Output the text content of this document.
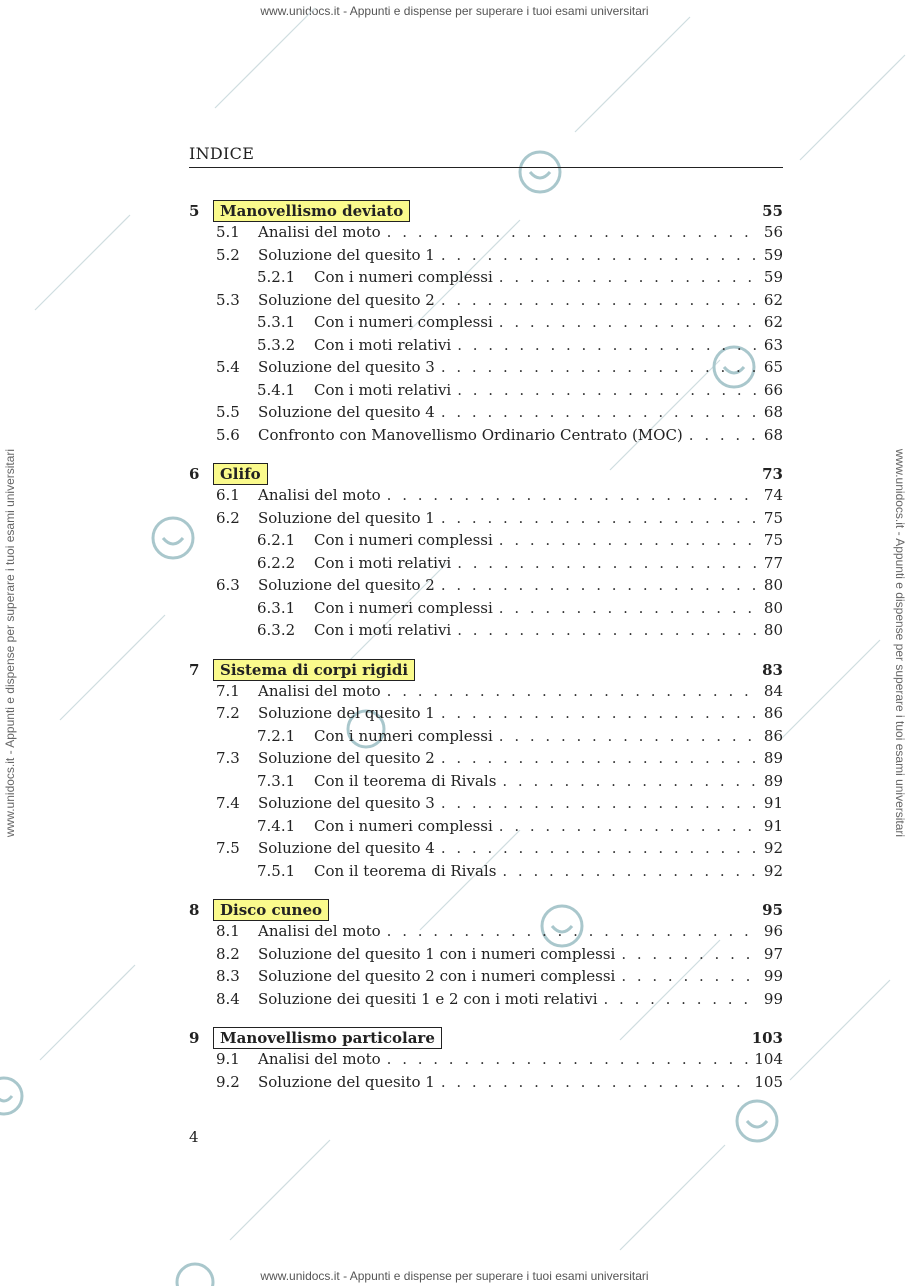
www.unidocs.it - Appunti e dispense per superare i tuoi esami universitari
www.unidocs.it - Appunti e dispense per superare i tuoi esami universitari
www.unidocs.it - Appunti e dispense per superare i tuoi esami universitari	www.unidocs.it - Appunti e dispense per superare i tuoi esami universitari
INDICE
5	Manovellismo deviato	55
5.1	Analisi del moto . . .	56
5.2	Soluzione del quesito 1 . . .	59
5.2.1	Con i numeri complessi . . .	59
5.3	Soluzione del quesito 2 . . .	62
5.3.1	Con i numeri complessi . . .	62
5.3.2	Con i moti relativi . . .	63
5.4	Soluzione del quesito 3 . . .	65
5.4.1	Con i moti relativi . . .	66
5.5	Soluzione del quesito 4 . . .	68
5.6	Confronto con Manovellismo Ordinario Centrato (MOC) . . .	68
6	Glifo	73
6.1	Analisi del moto . . .	74
6.2	Soluzione del quesito 1 . . .	75
6.2.1	Con i numeri complessi . . .	75
6.2.2	Con i moti relativi . . .	77
6.3	Soluzione del quesito 2 . . .	80
6.3.1	Con i numeri complessi . . .	80
6.3.2	Con i moti relativi . . .	80
7	Sistema di corpi rigidi	83
7.1	Analisi del moto . . .	84
7.2	Soluzione del quesito 1 . . .	86
7.2.1	Con i numeri complessi . . .	86
7.3	Soluzione del quesito 2 . . .	89
7.3.1	Con il teorema di Rivals . . .	89
7.4	Soluzione del quesito 3 . . .	91
7.4.1	Con i numeri complessi . . .	91
7.5	Soluzione del quesito 4 . . .	92
7.5.1	Con il teorema di Rivals . . .	92
8	Disco cuneo	95
8.1	Analisi del moto . . .	96
8.2	Soluzione del quesito 1 con i numeri complessi . . .	97
8.3	Soluzione del quesito 2 con i numeri complessi . . .	99
8.4	Soluzione dei quesiti 1 e 2 con i moti relativi . . .	99
9	Manovellismo particolare	103
9.1	Analisi del moto . . .	104
9.2	Soluzione del quesito 1 . . .	105
4
